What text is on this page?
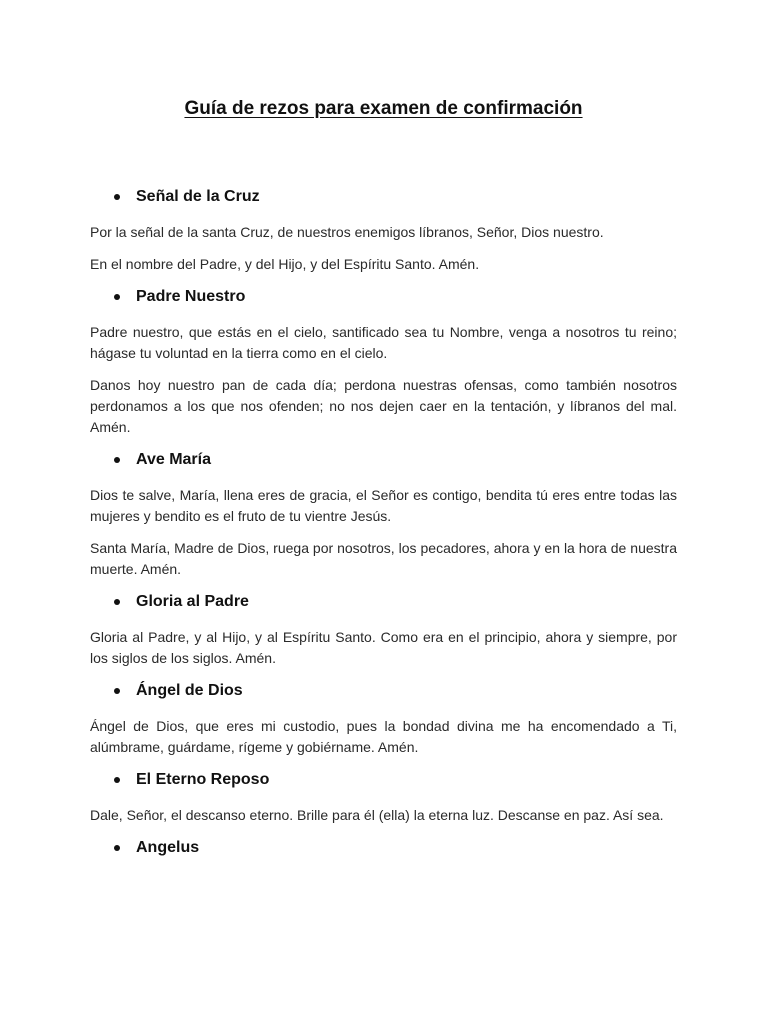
Guía de rezos para examen de confirmación
Señal de la Cruz

Por la señal de la santa Cruz, de nuestros enemigos líbranos, Señor, Dios nuestro.

En el nombre del Padre, y del Hijo, y del Espíritu Santo. Amén.

Padre Nuestro

Padre nuestro, que estás en el cielo, santificado sea tu Nombre, venga a nosotros tu reino; hágase tu voluntad en la tierra como en el cielo.

Danos hoy nuestro pan de cada día; perdona nuestras ofensas, como también nosotros perdonamos a los que nos ofenden; no nos dejen caer en la tentación, y líbranos del mal. Amén.

Ave María

Dios te salve, María, llena eres de gracia, el Señor es contigo, bendita tú eres entre todas las mujeres y bendito es el fruto de tu vientre Jesús.

Santa María, Madre de Dios, ruega por nosotros, los pecadores, ahora y en la hora de nuestra muerte. Amén.

Gloria al Padre

Gloria al Padre, y al Hijo, y al Espíritu Santo. Como era en el principio, ahora y siempre, por los siglos de los siglos. Amén.

Ángel de Dios

Ángel de Dios, que eres mi custodio, pues la bondad divina me ha encomendado a Ti, alúmbrame, guárdame, rígeme y gobiérname. Amén.

El Eterno Reposo

Dale, Señor, el descanso eterno. Brille para él (ella) la eterna luz. Descanse en paz. Así sea.

Angelus
